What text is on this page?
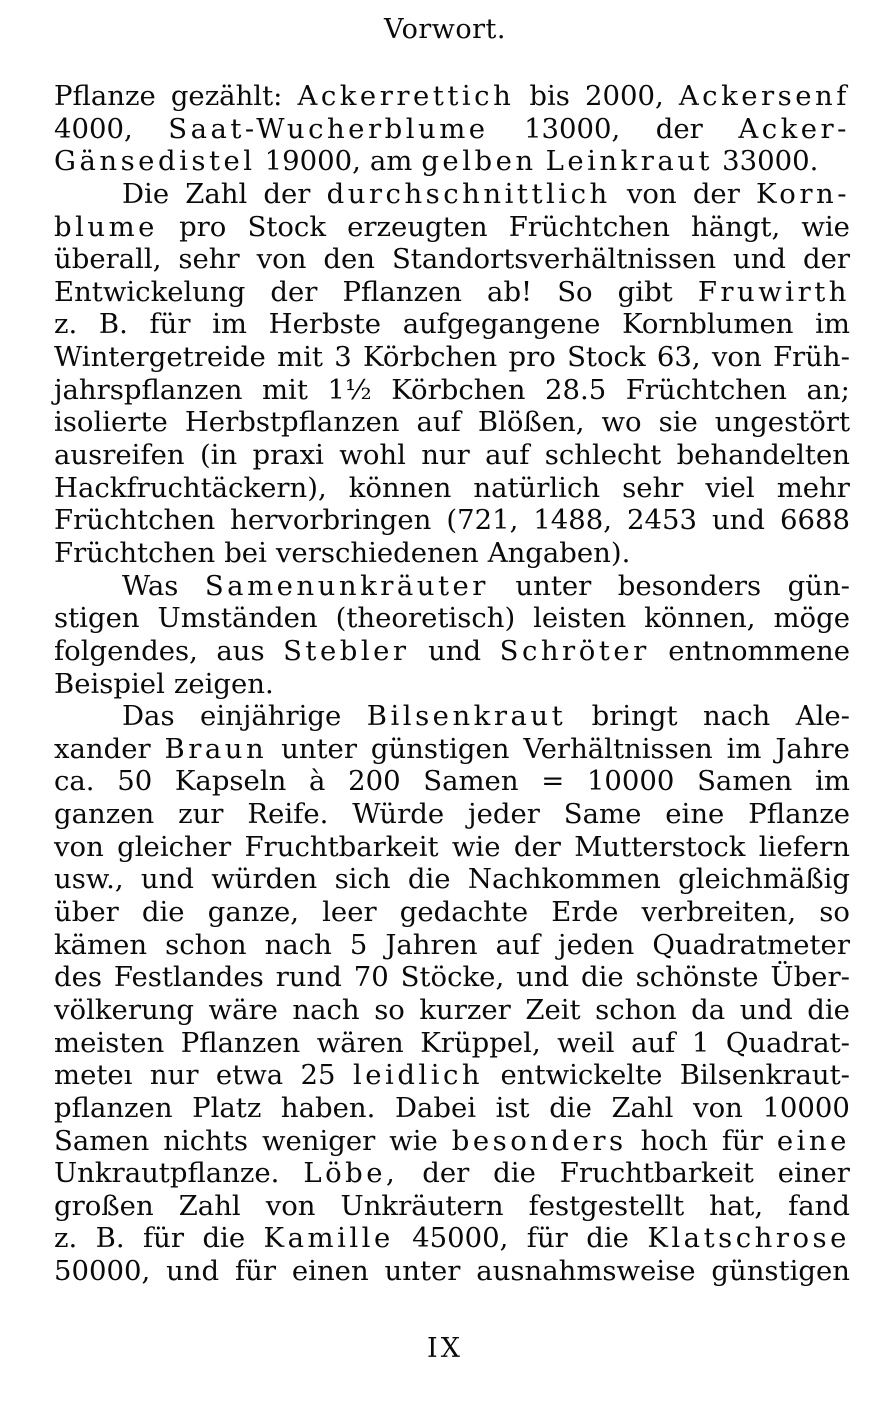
Vorwort.
Pflanze gezählt: Ackerrettich bis 2000, Ackersenf
4000, Saat-Wucherblume 13000, der Acker-
Gänsedistel 19000, am gelben Leinkraut 33000.
Die Zahl der durchschnittlich von der Korn-
blume pro Stock erzeugten Früchtchen hängt, wie
überall, sehr von den Standortsverhältnissen und der
Entwickelung der Pflanzen ab! So gibt Fruwirth
z. B. für im Herbste aufgegangene Kornblumen im
Wintergetreide mit 3 Körbchen pro Stock 63, von Früh-
jahrspflanzen mit 1½ Körbchen 28.5 Früchtchen an;
isolierte Herbstpflanzen auf Blößen, wo sie ungestört
ausreifen (in praxi wohl nur auf schlecht behandelten
Hackfruchtäckern), können natürlich sehr viel mehr
Früchtchen hervorbringen (721, 1488, 2453 und 6688
Früchtchen bei verschiedenen Angaben).
Was Samenunkräuter unter besonders gün-
stigen Umständen (theoretisch) leisten können, möge
folgendes, aus Stebler und Schröter entnommene
Beispiel zeigen.
Das einjährige Bilsenkraut bringt nach Ale-
xander Braun unter günstigen Verhältnissen im Jahre
ca. 50 Kapseln à 200 Samen = 10000 Samen im
ganzen zur Reife. Würde jeder Same eine Pflanze
von gleicher Fruchtbarkeit wie der Mutterstock liefern
usw., und würden sich die Nachkommen gleichmäßig
über die ganze, leer gedachte Erde verbreiten, so
kämen schon nach 5 Jahren auf jeden Quadratmeter
des Festlandes rund 70 Stöcke, und die schönste Über-
völkerung wäre nach so kurzer Zeit schon da und die
meisten Pflanzen wären Krüppel, weil auf 1 Quadrat-
meteı nur etwa 25 leidlich entwickelte Bilsenkraut-
pflanzen Platz haben. Dabei ist die Zahl von 10000
Samen nichts weniger wie besonders hoch für eine
Unkrautpflanze. Löbe, der die Fruchtbarkeit einer
großen Zahl von Unkräutern festgestellt hat, fand
z. B. für die Kamille 45000, für die Klatschrose
50000, und für einen unter ausnahmsweise günstigen
IX
